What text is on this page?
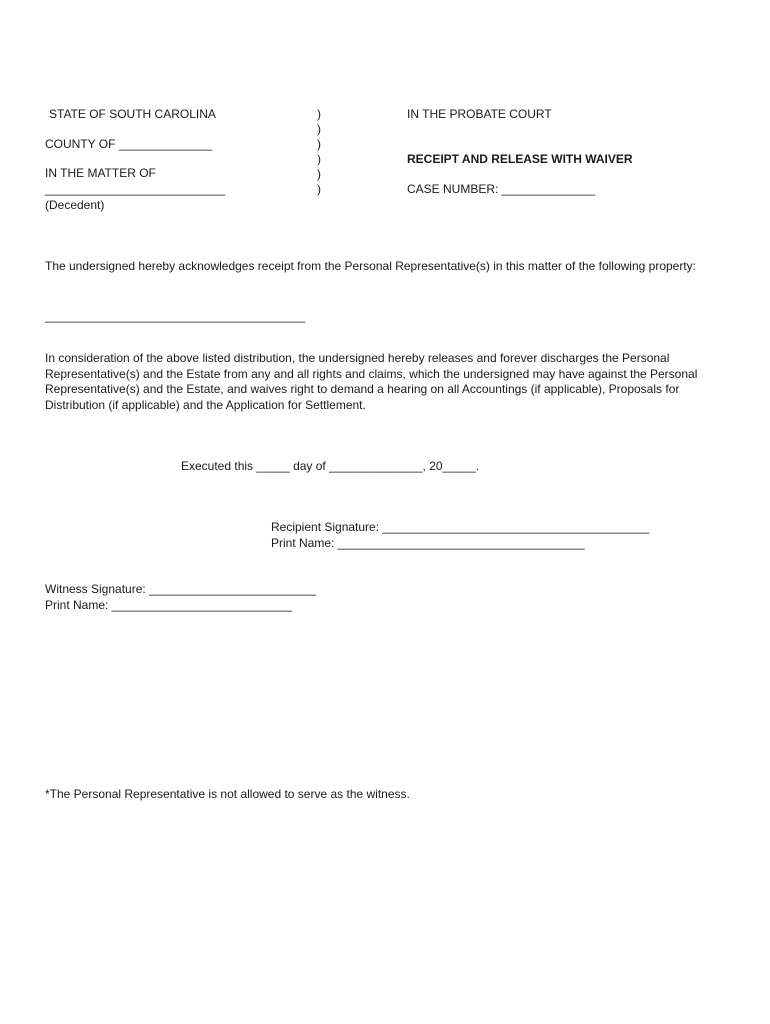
STATE OF SOUTH CAROLINA
COUNTY OF ______________
IN THE MATTER OF
___________________________
(Decedent)
)
)
)
)
)
)
IN THE PROBATE COURT
RECEIPT AND RELEASE WITH WAIVER
CASE NUMBER: ______________
The undersigned hereby acknowledges receipt from the Personal Representative(s) in this matter of the following property:
_______________________________________
In consideration of the above listed distribution, the undersigned hereby releases and forever discharges the Personal Representative(s) and the Estate from any and all rights and claims, which the undersigned may have against the Personal Representative(s) and the Estate, and waives right to demand a hearing on all Accountings (if applicable), Proposals for Distribution (if applicable) and the Application for Settlement.
Executed this _____ day of ______________, 20_____.
Recipient Signature: ________________________________________
Print Name: _____________________________________
Witness Signature: _________________________
Print Name: ___________________________
*The Personal Representative is not allowed to serve as the witness.
